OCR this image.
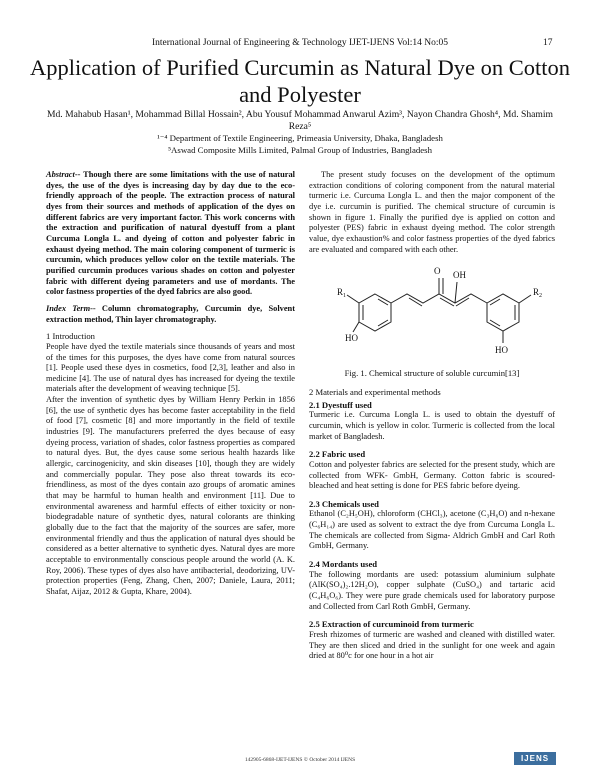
International Journal of Engineering & Technology IJET-IJENS Vol:14 No:05	17
Application of Purified Curcumin as Natural Dye on Cotton and Polyester
Md. Mahabub Hasan¹, Mohammad Billal Hossain², Abu Yousuf Mohammad Anwarul Azim³, Nayon Chandra Ghosh⁴, Md. Shamim Reza⁵
¹⁻⁴ Department of Textile Engineering, Primeasia University, Dhaka, Bangladesh
⁵Aswad Composite Mills Limited, Palmal Group of Industries, Bangladesh

Abstract-- Though there are some limitations with the use of natural dyes, the use of the dyes is increasing day by day due to the eco-friendly approach of the people. The extraction process of natural dyes from their sources and methods of application of the dyes on different fabrics are very important factor. This work concerns with the extraction and purification of natural dyestuff from a plant Curcuma Longla L. and dyeing of cotton and polyester fabric in exhaust dyeing method. The main coloring component of turmeric is curcumin, which produces yellow color on the textile materials. The purified curcumin produces various shades on cotton and polyester fabric with different dyeing parameters and use of mordants. The color fastness properties of the dyed fabrics are also good.

Index Term-- Column chromatography, Curcumin dye, Solvent extraction method, Thin layer chromatography.

1 Introduction

People have dyed the textile materials since thousands of years and most of the times for this purposes, the dyes have come from natural sources [1]. People used these dyes in cosmetics, food [2,3], leather and also in medicine [4]. The use of natural dyes has increased for dyeing the textile materials after the development of weaving technique [5].

After the invention of synthetic dyes by William Henry Perkin in 1856 [6], the use of synthetic dyes has become faster acceptability in the field of food [7], cosmetic [8] and more importantly in the field of textile industries [9]. The manufacturers preferred the dyes because of easy dyeing process, variation of shades, color fastness properties as compared to natural dyes. But, the dyes cause some serious health hazards like allergic, carcinogenicity, and skin diseases [10], though they are widely and commercially popular. They pose also threat towards its eco-friendliness, as most of the dyes contain azo groups of aromatic amines that may be harmful to human health and environment [11]. Due to environmental awareness and harmful effects of either toxicity or non-biodegradable nature of synthetic dyes, natural colorants are thinking globally due to the fact that the majority of the sources are safer, more environmental friendly and thus the application of natural dyes should be considered as a better alternative to synthetic dyes. Natural dyes are more acceptable to environmentally conscious people around the world (A. K. Roy, 2006). These types of dyes also have antibacterial, deodorizing, UV-protection properties (Feng, Zhang, Chen, 2007; Daniele, Laura, 2011; Shafat, Aijaz, 2012 & Gupta, Khare, 2004).

The present study focuses on the development of the optimum extraction conditions of coloring component from the natural material turmeric i.e. Curcuma Longla L. and then the major component of the dye i.e. curcumin is purified. The chemical structure of curcumin is shown in figure 1. Finally the purified dye is applied on cotton and polyester (PES) fabric in exhaust dyeing method. The color strength value, dye exhaustion% and color fastness properties of the dyed fabrics are evaluated and compared with each other.

$R_1$
O OH
$R_2$
HO
HO

Fig. 1. Chemical structure of soluble curcumin[13]

2 Materials and experimental methods

2.1 Dyestuff used

Turmeric i.e. Curcuma Longla L. is used to obtain the dyestuff of curcumin, which is yellow in color. Turmeric is collected from the local market of Bangladesh.

2.2 Fabric used

Cotton and polyester fabrics are selected for the present study, which are collected from WFK- GmbH, Germany. Cotton fabric is scoured-bleached and heat setting is done for PES fabric before dyeing.

2.3 Chemicals used

Ethanol (C₂H₅OH), chloroform (CHCl₃), acetone (C₃H₆O) and n-hexane (C₆H₁₄) are used as solvent to extract the dye from Curcuma Longla L. The chemicals are collected from Sigma- Aldrich GmbH and Carl Roth GmbH, Germany.

2.4 Mordants used

The following mordants are used: potassium aluminium sulphate (AlK(SO₄)₂.12H₂O), copper sulphate (CuSO₄) and tartaric acid (C₄H₆O₆). They were pure grade chemicals used for laboratory purpose and Collected from Carl Roth GmbH, Germany.

2.5 Extraction of curcuminoid from turmeric

Fresh rhizomes of turmeric are washed and cleaned with distilled water. They are then sliced and dried in the sunlight for one week and again dried at 80⁰c for one hour in a hot air

142905-6868-IJET-IJENS © October 2014 IJENS	IJENS
